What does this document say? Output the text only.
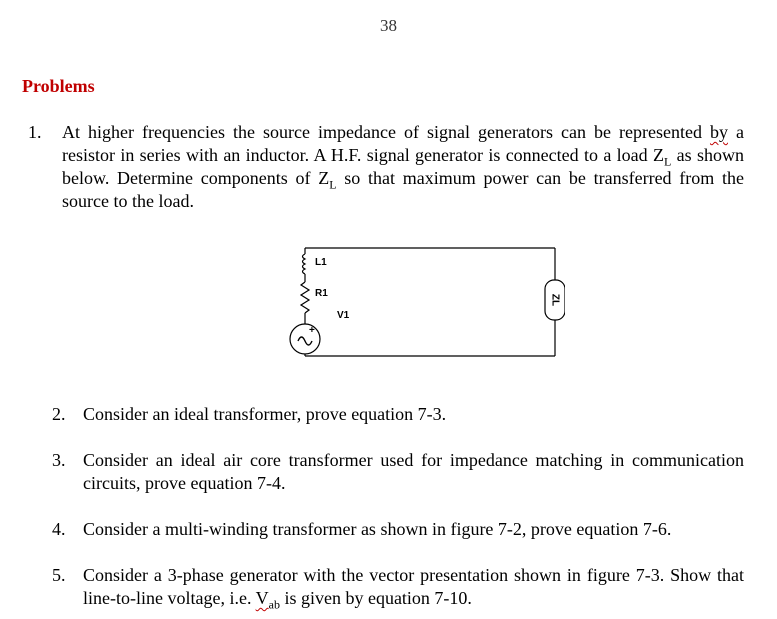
38
Problems
1. At higher frequencies the source impedance of signal generators can be represented by a resistor in series with an inductor. A H.F. signal generator is connected to a load $Z_L$ as shown below. Determine components of $Z_L$ so that maximum power can be transferred from the source to the load.
+
ZL
L1
R1
V1
2. Consider an ideal transformer, prove equation 7-3.
3. Consider an ideal air core transformer used for impedance matching in communication circuits, prove equation 7-4.
4. Consider a multi-winding transformer as shown in figure 7-2, prove equation 7-6.
5. Consider a 3-phase generator with the vector presentation shown in figure 7-3. Show that line-to-line voltage, i.e. $V_{ab}$ is given by equation 7-10.
